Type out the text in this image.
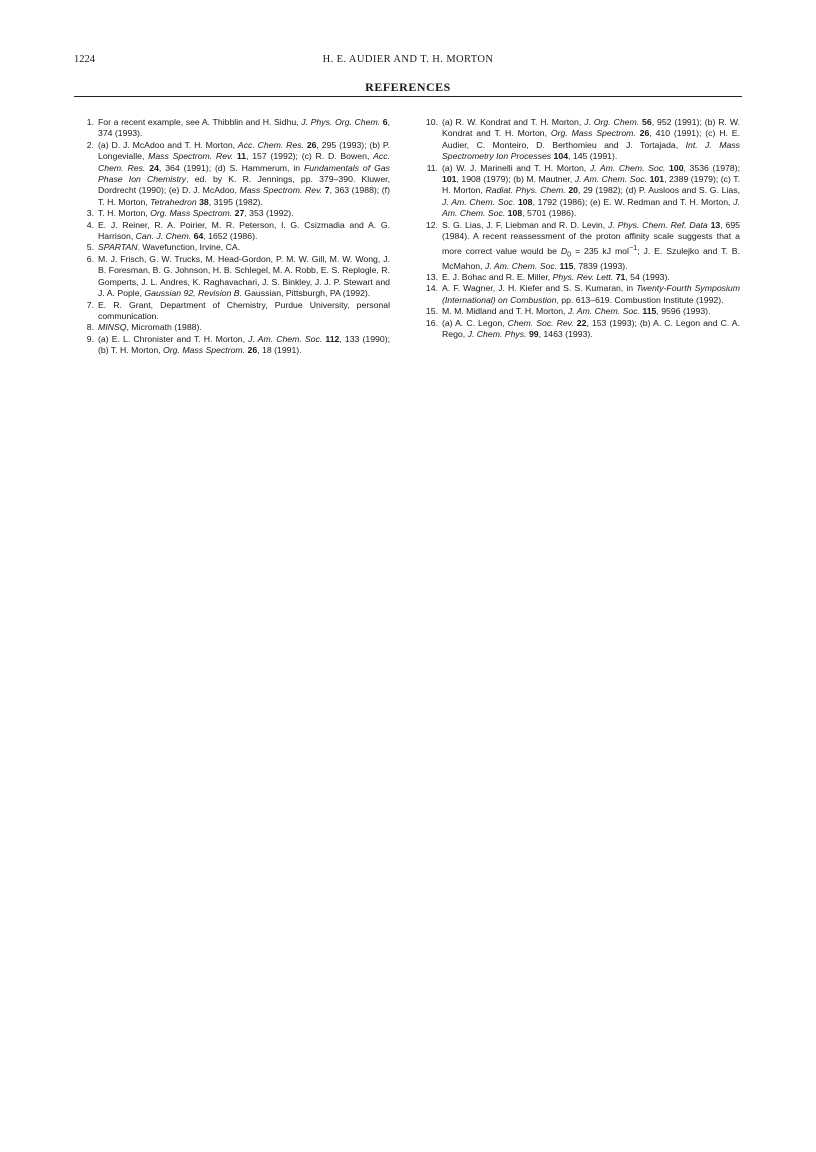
1224	H. E. AUDIER AND T. H. MORTON
REFERENCES
1. For a recent example, see A. Thibblin and H. Sidhu, J. Phys. Org. Chem. 6, 374 (1993).
2. (a) D. J. McAdoo and T. H. Morton, Acc. Chem. Res. 26, 295 (1993); (b) P. Longevialle, Mass Spectrom. Rev. 11, 157 (1992); (c) R. D. Bowen, Acc. Chem. Res. 24, 364 (1991); (d) S. Hammerum, in Fundamentals of Gas Phase Ion Chemistry, ed. by K. R. Jennings, pp. 379–390. Kluwer, Dordrecht (1990); (e) D. J. McAdoo, Mass Spectrom. Rev. 7, 363 (1988); (f) T. H. Morton, Tetrahedron 38, 3195 (1982).
3. T. H. Morton, Org. Mass Spectrom. 27, 353 (1992).
4. E. J. Reiner, R. A. Poirier, M. R. Peterson, I. G. Csizmadia and A. G. Harrison, Can. J. Chem. 64, 1652 (1986).
5. SPARTAN. Wavefunction, Irvine, CA.
6. M. J. Frisch, G. W. Trucks, M. Head-Gordon, P. M. W. Gill, M. W. Wong, J. B. Foresman, B. G. Johnson, H. B. Schlegel, M. A. Robb, E. S. Replogle, R. Gomperts, J. L. Andres, K. Raghavachari, J. S. Binkley, J. J. P. Stewart and J. A. Pople, Gaussian 92, Revision B. Gaussian, Pittsburgh, PA (1992).
7. E. R. Grant, Department of Chemistry, Purdue University, personal communication.
8. MINSQ, Micromath (1988).
9. (a) E. L. Chronister and T. H. Morton, J. Am. Chem. Soc. 112, 133 (1990); (b) T. H. Morton, Org. Mass Spectrom. 26, 18 (1991).
10. (a) R. W. Kondrat and T. H. Morton, J. Org. Chem. 56, 952 (1991); (b) R. W. Kondrat and T. H. Morton, Org. Mass Spectrom. 26, 410 (1991); (c) H. E. Audier, C. Monteiro, D. Berthomieu and J. Tortajada, Int. J. Mass Spectrometry Ion Processes 104, 145 (1991).
11. (a) W. J. Marinelli and T. H. Morton, J. Am. Chem. Soc. 100, 3536 (1978); 101, 1908 (1979); (b) M. Mautner, J. Am. Chem. Soc. 101, 2389 (1979); (c) T. H. Morton, Radiat. Phys. Chem. 20, 29 (1982); (d) P. Ausloos and S. G. Lias, J. Am. Chem. Soc. 108, 1792 (1986); (e) E. W. Redman and T. H. Morton, J. Am. Chem. Soc. 108, 5701 (1986).
12. S. G. Lias, J. F. Liebman and R. D. Levin, J. Phys. Chem. Ref. Data 13, 695 (1984). A recent reassessment of the proton affinity scale suggests that a more correct value would be $D_0 = 235$ kJ mol$^{-1}$; J. E. Szulejko and T. B. McMahon, J. Am. Chem. Soc. 115, 7839 (1993).
13. E. J. Bohac and R. E. Miller, Phys. Rev. Lett. 71, 54 (1993).
14. A. F. Wagner, J. H. Kiefer and S. S. Kumaran, in Twenty-Fourth Symposium (International) on Combustion, pp. 613–619. Combustion Institute (1992).
15. M. M. Midland and T. H. Morton, J. Am. Chem. Soc. 115, 9596 (1993).
16. (a) A. C. Legon, Chem. Soc. Rev. 22, 153 (1993); (b) A. C. Legon and C. A. Rego, J. Chem. Phys. 99, 1463 (1993).
